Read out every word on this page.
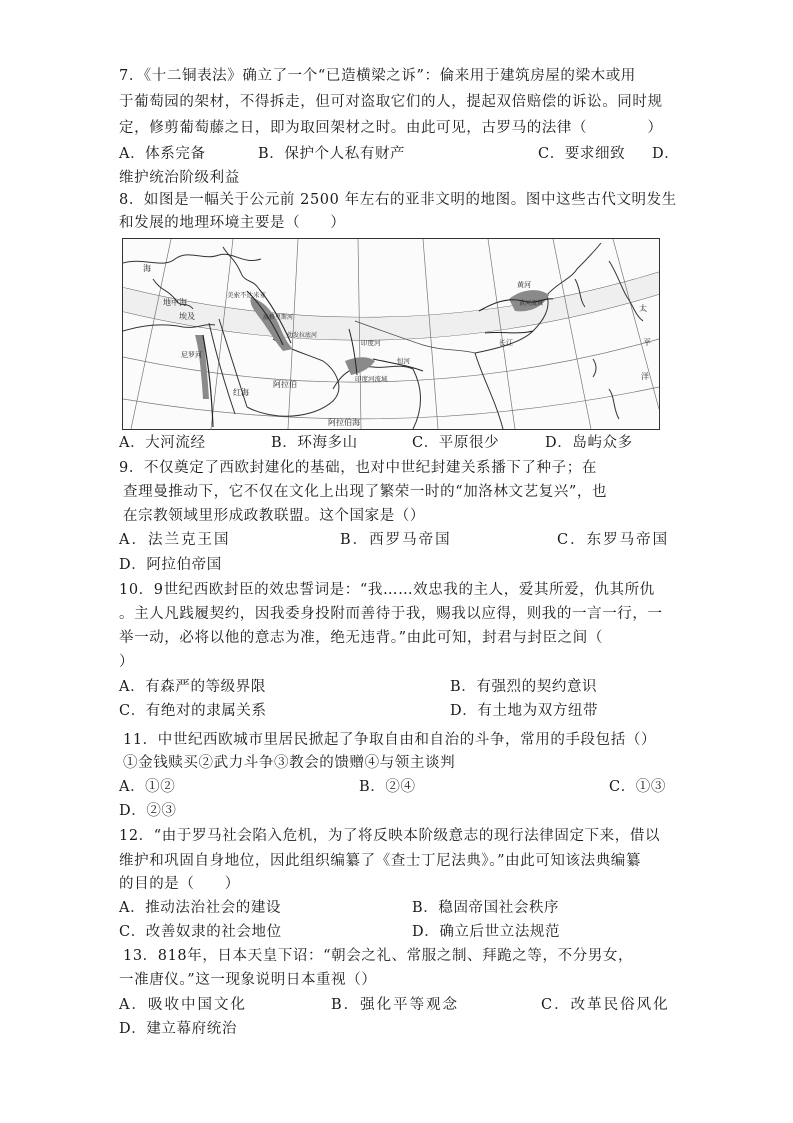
7．《十二铜表法》确立了一个“已造横梁之诉”：倫来用于建筑房屋的梁木或用
于葡萄园的架材，不得拆走，但可对盗取它们的人，提起双倍赔偿的诉讼。同时规
定，修剪葡萄藤之日，即为取回架材之时。由此可见，古罗马的法律（　　　　）
A．体系完备	B．保护个人私有财产	C．要求细致 D．
维护统治阶级利益
8．如图是一幅关于公元前 2500 年左右的亚非文明的地图。图中这些古代文明发生
和发展的地理环境主要是（　　）
海
地中海
美索不达米亚
埃及
红海
尼罗河
阿拉伯
底格里斯河
幼发拉底河
印度河流域
印度河
恒河
阿拉伯海
黄河
黄河流域
长江
太
平
洋
A．大河流经	B．环海多山	C．平原很少	D．岛屿众多
9．不仅奠定了西欧封建化的基础，也对中世纪封建关系播下了种子；在
查理曼推动下，它不仅在文化上出现了繁荣一时的“加洛林文艺复兴”，也
在宗教领域里形成政教联盟。这个国家是（）
A．法兰克王国	B．西罗马帝国	C．东罗马帝国
D．阿拉伯帝国
10．9世纪西欧封臣的效忠誓词是：“我……效忠我的主人，爱其所爱，仇其所仇
。主人凡践履契约，因我委身投附而善待于我，赐我以应得，则我的一言一行，一
举一动，必将以他的意志为准，绝无违背。”由此可知，封君与封臣之间（
）
A．有森严的等级界限	B．有强烈的契约意识
C．有绝对的隶属关系	D．有土地为双方纽带
11．中世纪西欧城市里居民掀起了争取自由和自治的斗争，常用的手段包括（）
①金钱赎买②武力斗争③教会的馈赠④与领主谈判
A．①②	B．②④	C．①③
D．②③
12．“由于罗马社会陷入危机，为了将反映本阶级意志的现行法律固定下来，借以
维护和巩固自身地位，因此组织编纂了《查士丁尼法典》。”由此可知该法典编纂
的目的是（　　）
A．推动法治社会的建设	B．稳固帝国社会秩序
C．改善奴隶的社会地位	D．确立后世立法规范
13．818年，日本天皇下诏：“朝会之礼、常服之制、拜跪之等，不分男女，
一准唐仪。”这一现象说明日本重视（）
A．吸收中国文化	B．强化平等观念	C．改革民俗风化
D．建立幕府统治
